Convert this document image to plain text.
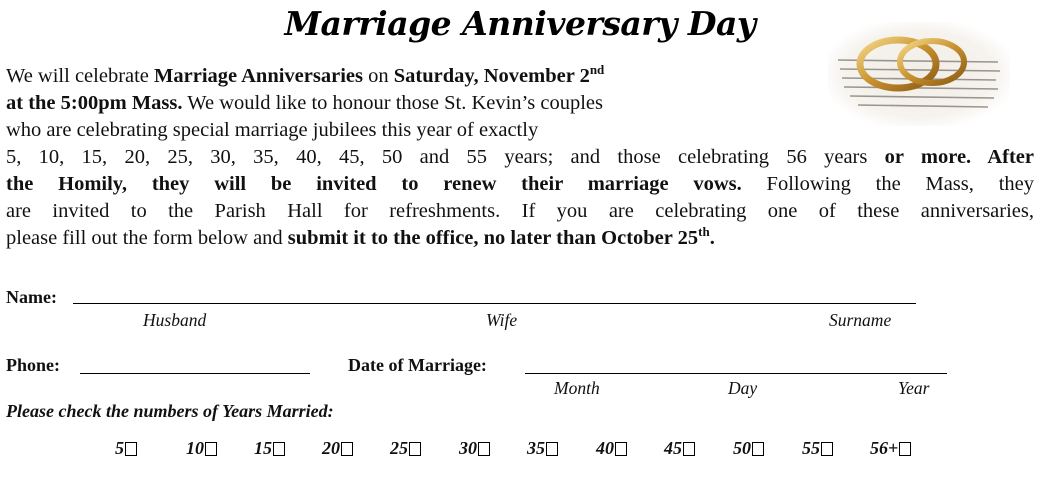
Marriage Anniversary Day
We will celebrate Marriage Anniversaries on Saturday, November 2nd
at the 5:00pm Mass. We would like to honour those St. Kevin’s couples
who are celebrating special marriage jubilees this year of exactly
5, 10, 15, 20, 25, 30, 35, 40, 45, 50 and 55 years; and those celebrating 56 years or more. After
the Homily, they will be invited to renew their marriage vows. Following the Mass, they
are invited to the Parish Hall for refreshments. If you are celebrating one of these anniversaries,
please fill out the form below and submit it to the office, no later than October 25th.
Name:
Husband	Wife	Surname
Phone:	Date of Marriage:
Month	Day	Year
Please check the numbers of Years Married:
5	10	15	20	25	30	35	40	45	50	55	56+
